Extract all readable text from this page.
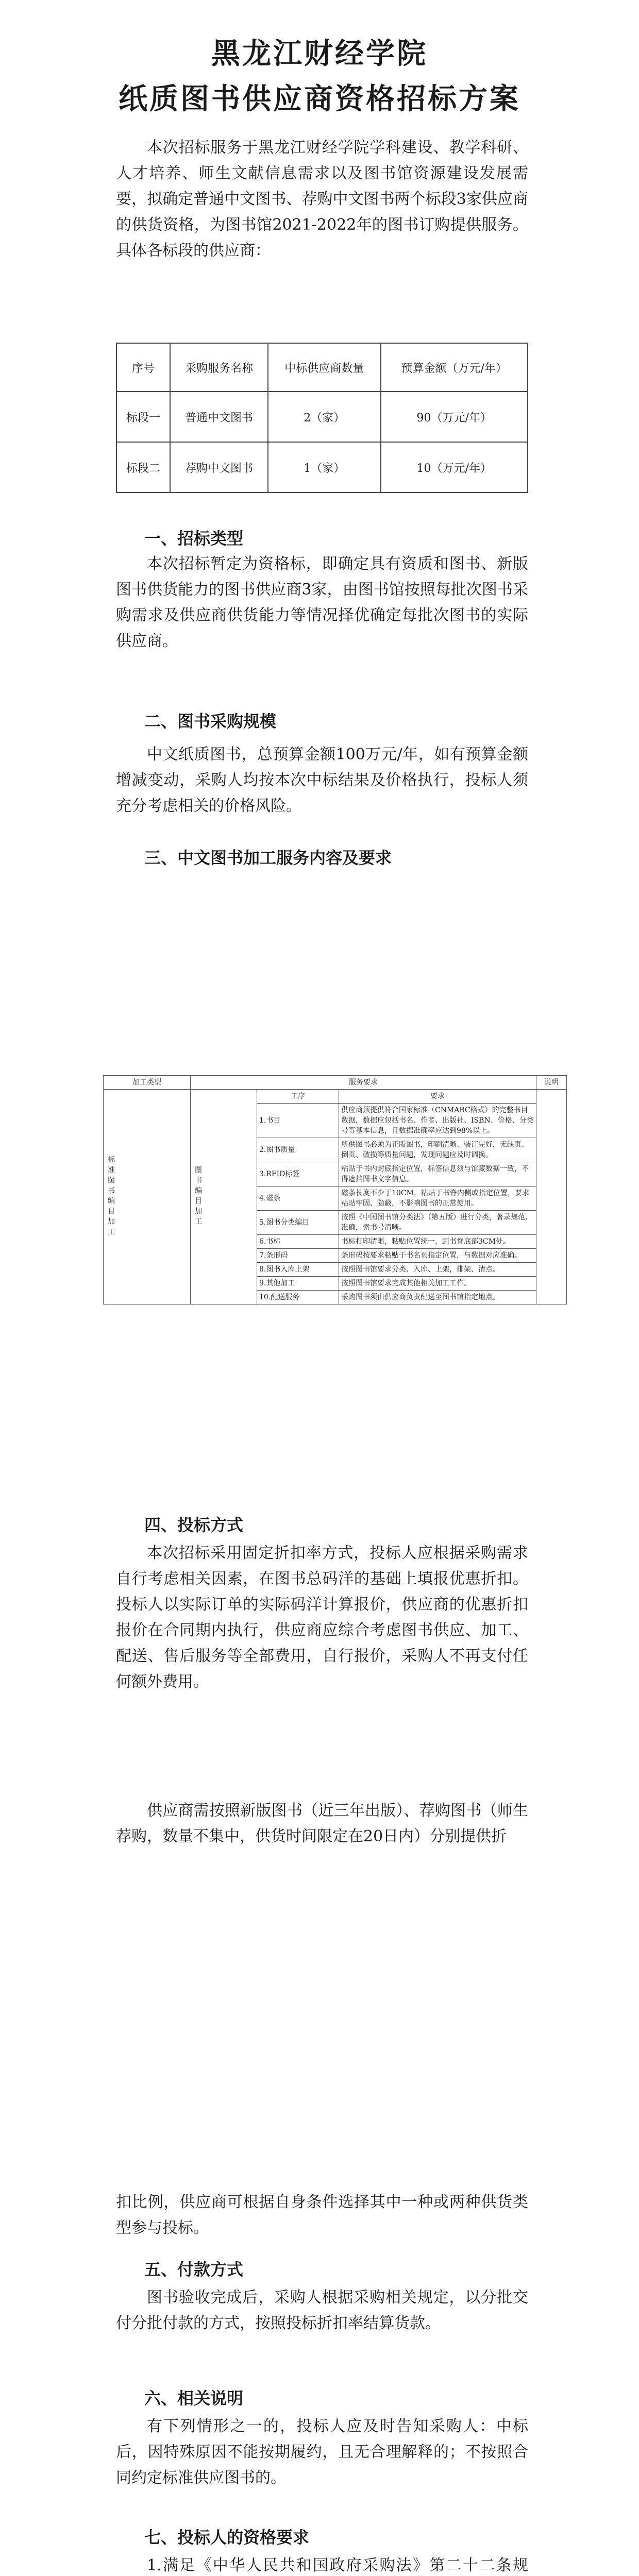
黑龙江财经学院
纸质图书供应商资格招标方案
本次招标服务于黑龙江财经学院学科建设、教学科研、人才培养、师生文献信息需求以及图书馆资源建设发展需要，拟确定普通中文图书、荐购中文图书两个标段3家供应商的供货资格，为图书馆2021-2022年的图书订购提供服务。具体各标段的供应商：
序号	采购服务名称	中标供应商数量	预算金额（万元/年）
标段一	普通中文图书	2（家）	90（万元/年）
标段二	荐购中文图书	1（家）	10（万元/年）
一、招标类型
本次招标暂定为资格标，即确定具有资质和图书、新版图书供货能力的图书供应商3家，由图书馆按照每批次图书采购需求及供应商供货能力等情况择优确定每批次图书的实际供应商。
二、图书采购规模
中文纸质图书，总预算金额100万元/年，如有预算金额增减变动，采购人均按本次中标结果及价格执行，投标人须充分考虑相关的价格风险。
三、中文图书加工服务内容及要求
加工类型	服务要求			说明

标准图书编目加工	图书编目加工	工序	要求	
		1.书目	供应商须提供符合国家标准（CNMARC格式）的完整书目数据，数据应包括书名、作者、出版社、ISBN、价格、分类号等基本信息，且数据准确率应达到98%以上。	
		2.图书质量	所供图书必须为正版图书，印刷清晰、装订完好，无缺页、倒页、破损等质量问题，发现问题应及时调换。	
		3.RFID标签	粘贴于书内封底指定位置，标签信息须与馆藏数据一致，不得遮挡图书文字信息。	
		4.磁条	磁条长度不少于10CM，粘贴于书脊内侧或指定位置，要求粘贴牢固、隐蔽，不影响图书的正常使用。	
		5.图书分类编目	按照《中国图书馆分类法》（第五版）进行分类，著录规范、准确，索书号清晰。	
		6.书标	书标打印清晰，粘贴位置统一，距书脊底部3CM处。	
		7.条形码	条形码按要求粘贴于书名页指定位置，与数据对应准确。	
		8.图书入库上架	按照图书馆要求分类、入库、上架，排架、清点。	
		9.其他加工	按照图书馆要求完成其他相关加工工作。	
		10.配送服务	采购图书须由供应商负责配送至图书馆指定地点。	
四、投标方式
本次招标采用固定折扣率方式，投标人应根据采购需求自行考虑相关因素，在图书总码洋的基础上填报优惠折扣。投标人以实际订单的实际码洋计算报价，供应商的优惠折扣报价在合同期内执行，供应商应综合考虑图书供应、加工、配送、售后服务等全部费用，自行报价，采购人不再支付任何额外费用。
供应商需按照新版图书（近三年出版）、荐购图书（师生荐购，数量不集中，供货时间限定在20日内）分别提供折
扣比例，供应商可根据自身条件选择其中一种或两种供货类型参与投标。
五、付款方式
图书验收完成后，采购人根据采购相关规定，以分批交付分批付款的方式，按照投标折扣率结算货款。
六、相关说明
有下列情形之一的，投标人应及时告知采购人：中标后，因特殊原因不能按期履约，且无合理解释的；不按照合同约定标准供应图书的。
七、投标人的资格要求
1.满足《中华人民共和国政府采购法》第二十二条规
